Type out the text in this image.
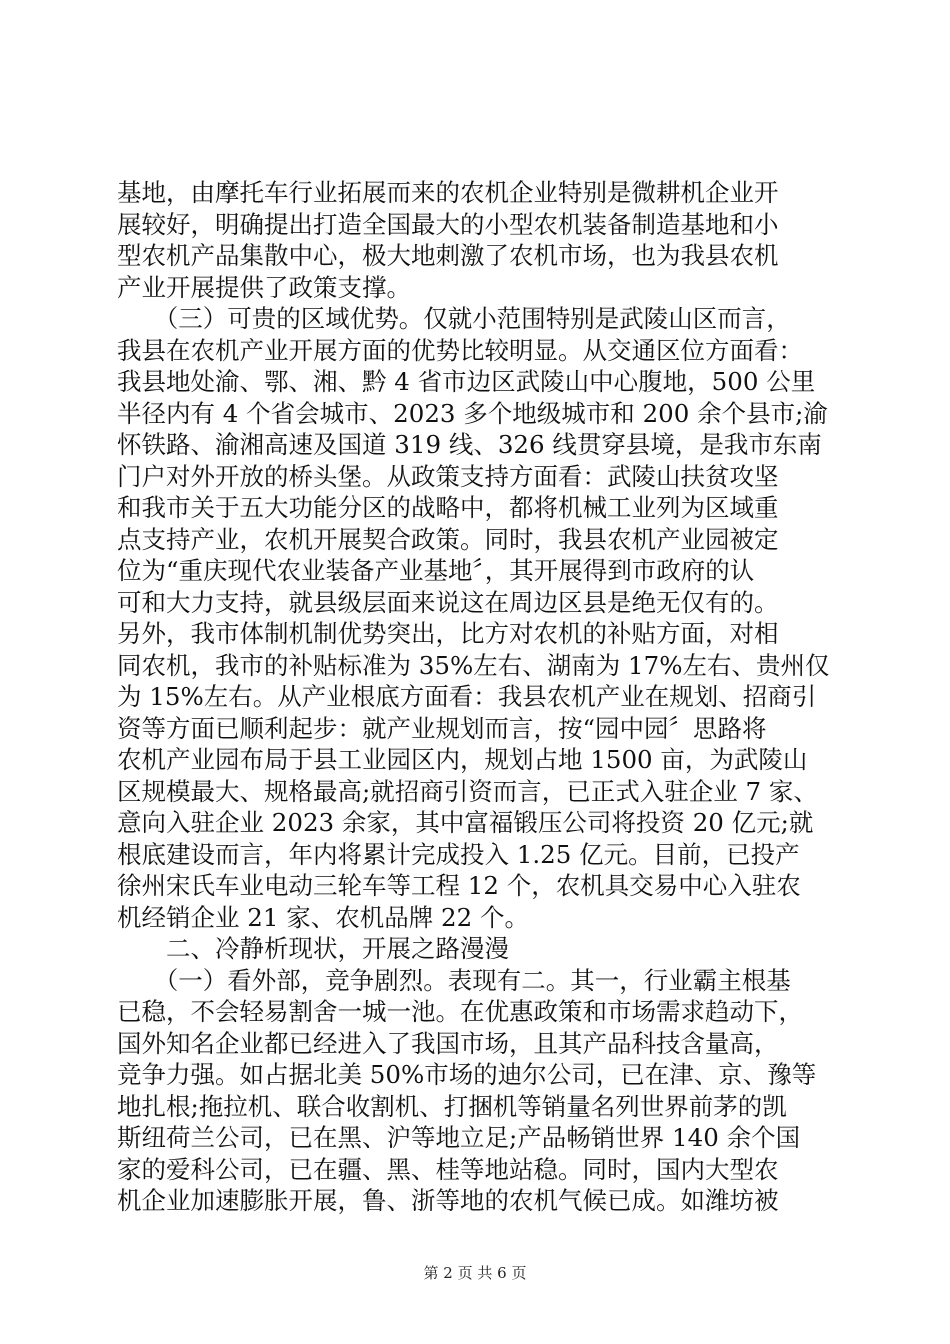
基地，由摩托车行业拓展而来的农机企业特别是微耕机企业开
展较好，明确提出打造全国最大的小型农机装备制造基地和小
型农机产品集散中心，极大地刺激了农机市场，也为我县农机
产业开展提供了政策支撑。
　　（三）可贵的区域优势。仅就小范围特别是武陵山区而言，
我县在农机产业开展方面的优势比较明显。从交通区位方面看：
我县地处渝、鄂、湘、黔 4 省市边区武陵山中心腹地，500 公里
半径内有 4 个省会城市、2023 多个地级城市和 200 余个县市;渝
怀铁路、渝湘高速及国道 319 线、326 线贯穿县境，是我市东南
门户对外开放的桥头堡。从政策支持方面看：武陵山扶贫攻坚
和我市关于五大功能分区的战略中，都将机械工业列为区域重
点支持产业，农机开展契合政策。同时，我县农机产业园被定
位为“重庆现代农业装备产业基地〞，其开展得到市政府的认
可和大力支持，就县级层面来说这在周边区县是绝无仅有的。
另外，我市体制机制优势突出，比方对农机的补贴方面，对相
同农机，我市的补贴标准为 35%左右、湖南为 17%左右、贵州仅
为 15%左右。从产业根底方面看：我县农机产业在规划、招商引
资等方面已顺利起步：就产业规划而言，按“园中园〞思路将
农机产业园布局于县工业园区内，规划占地 1500 亩，为武陵山
区规模最大、规格最高;就招商引资而言，已正式入驻企业 7 家、
意向入驻企业 2023 余家，其中富福锻压公司将投资 20 亿元;就
根底建设而言，年内将累计完成投入 1.25 亿元。目前，已投产
徐州宋氏车业电动三轮车等工程 12 个，农机具交易中心入驻农
机经销企业 21 家、农机品牌 22 个。
　　二、冷静析现状，开展之路漫漫
　　（一）看外部，竞争剧烈。表现有二。其一，行业霸主根基
已稳，不会轻易割舍一城一池。在优惠政策和市场需求趋动下，
国外知名企业都已经进入了我国市场，且其产品科技含量高，
竞争力强。如占据北美 50%市场的迪尔公司，已在津、京、豫等
地扎根;拖拉机、联合收割机、打捆机等销量名列世界前茅的凯
斯纽荷兰公司，已在黑、沪等地立足;产品畅销世界 140 余个国
家的爱科公司，已在疆、黑、桂等地站稳。同时，国内大型农
机企业加速膨胀开展，鲁、浙等地的农机气候已成。如潍坊被
第 2 页 共 6 页
